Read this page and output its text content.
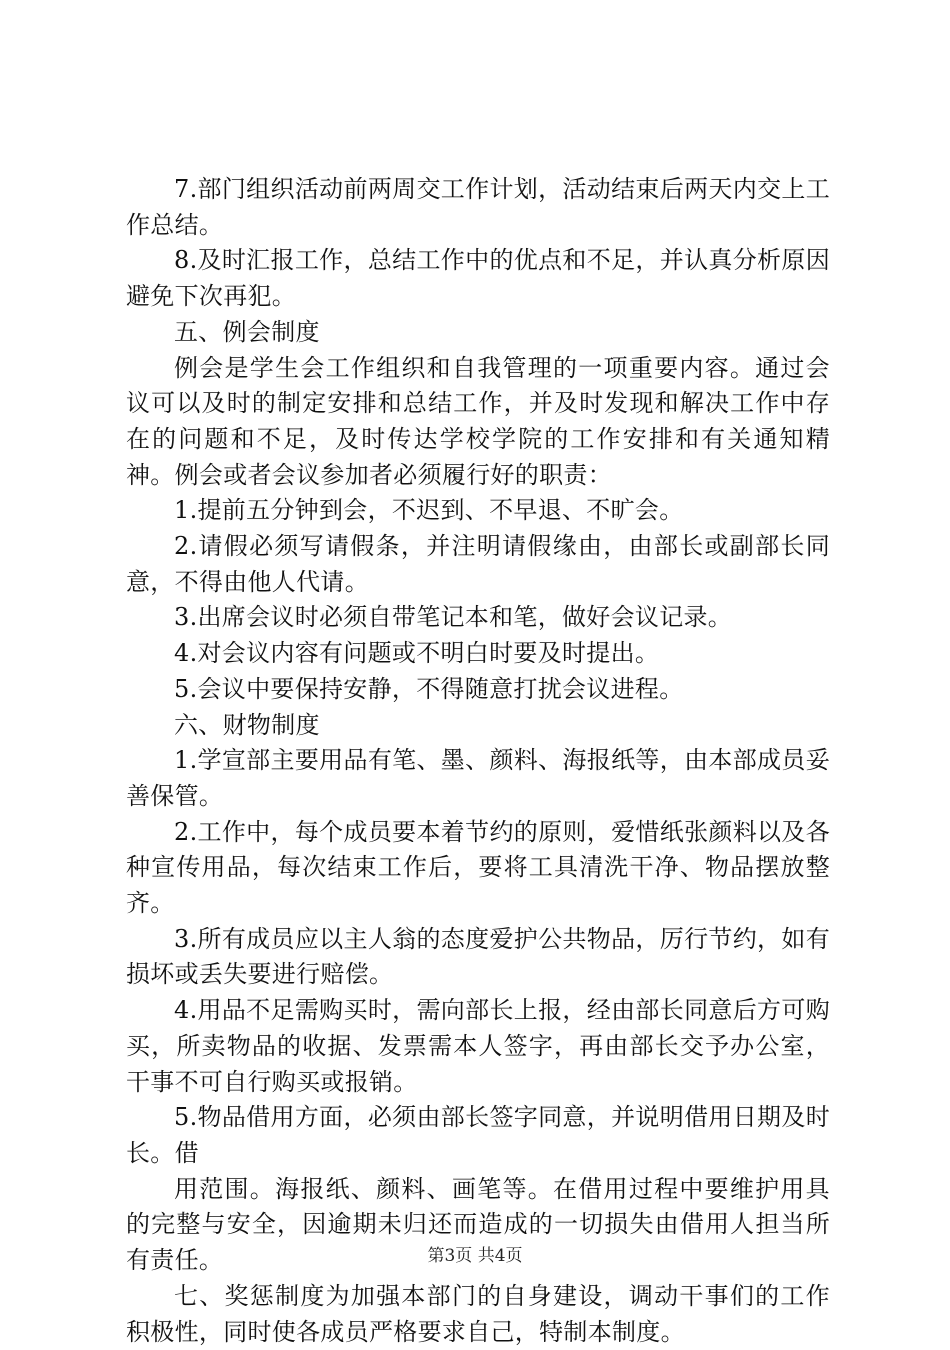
7.部门组织活动前两周交工作计划，活动结束后两天内交上工作总结。

8.及时汇报工作，总结工作中的优点和不足，并认真分析原因避免下次再犯。

五、例会制度

例会是学生会工作组织和自我管理的一项重要内容。通过会议可以及时的制定安排和总结工作，并及时发现和解决工作中存在的问题和不足，及时传达学校学院的工作安排和有关通知精神。例会或者会议参加者必须履行好的职责：

1.提前五分钟到会，不迟到、不早退、不旷会。

2.请假必须写请假条，并注明请假缘由，由部长或副部长同意，不得由他人代请。

3.出席会议时必须自带笔记本和笔，做好会议记录。

4.对会议内容有问题或不明白时要及时提出。

5.会议中要保持安静，不得随意打扰会议进程。

六、财物制度

1.学宣部主要用品有笔、墨、颜料、海报纸等，由本部成员妥善保管。

2.工作中，每个成员要本着节约的原则，爱惜纸张颜料以及各种宣传用品，每次结束工作后，要将工具清洗干净、物品摆放整齐。

3.所有成员应以主人翁的态度爱护公共物品，厉行节约，如有损坏或丢失要进行赔偿。

4.用品不足需购买时，需向部长上报，经由部长同意后方可购买，所卖物品的收据、发票需本人签字，再由部长交予办公室，干事不可自行购买或报销。

5.物品借用方面，必须由部长签字同意，并说明借用日期及时长。借

用范围。海报纸、颜料、画笔等。在借用过程中要维护用具的完整与安全，因逾期未归还而造成的一切损失由借用人担当所有责任。

七、奖惩制度为加强本部门的自身建设，调动干事们的工作积极性，同时使各成员严格要求自己，特制本制度。

第3页 共4页
